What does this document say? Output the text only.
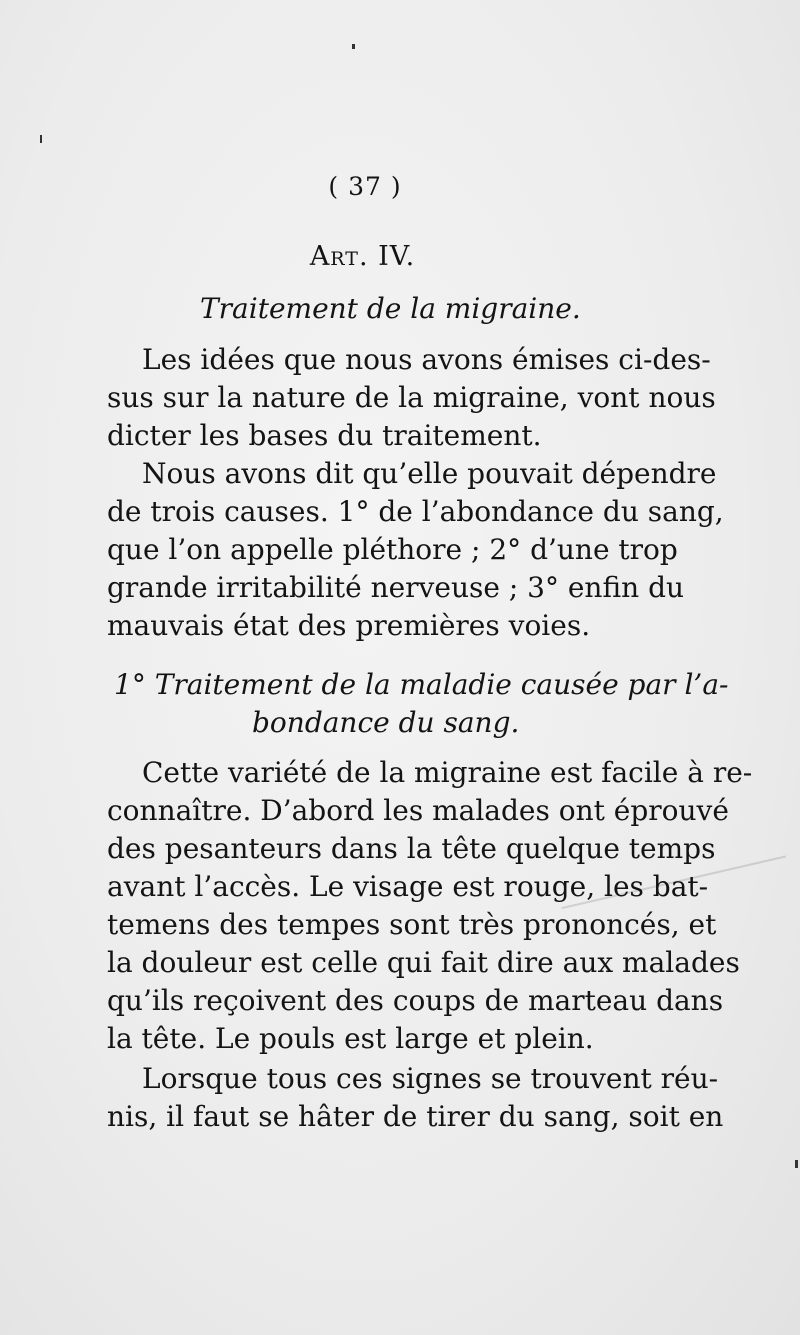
( 37 )

Art. IV.

Traitement de la migraine.

Les idées que nous avons émises ci-des-

sus sur la nature de la migraine, vont nous

dicter les bases du traitement.

Nous avons dit qu’elle pouvait dépendre

de trois causes. 1° de l’abondance du sang,

que l’on appelle pléthore ; 2° d’une trop

grande irritabilité nerveuse ; 3° enfin du

mauvais état des premières voies.

1° Traitement de la maladie causée par l’a-

bondance du sang.

Cette variété de la migraine est facile à re-

connaître. D’abord les malades ont éprouvé

des pesanteurs dans la tête quelque temps

avant l’accès. Le visage est rouge, les bat-

temens des tempes sont très prononcés, et

la douleur est celle qui fait dire aux malades

qu’ils reçoivent des coups de marteau dans

la tête. Le pouls est large et plein.

Lorsque tous ces signes se trouvent réu-

nis, il faut se hâter de tirer du sang, soit en
